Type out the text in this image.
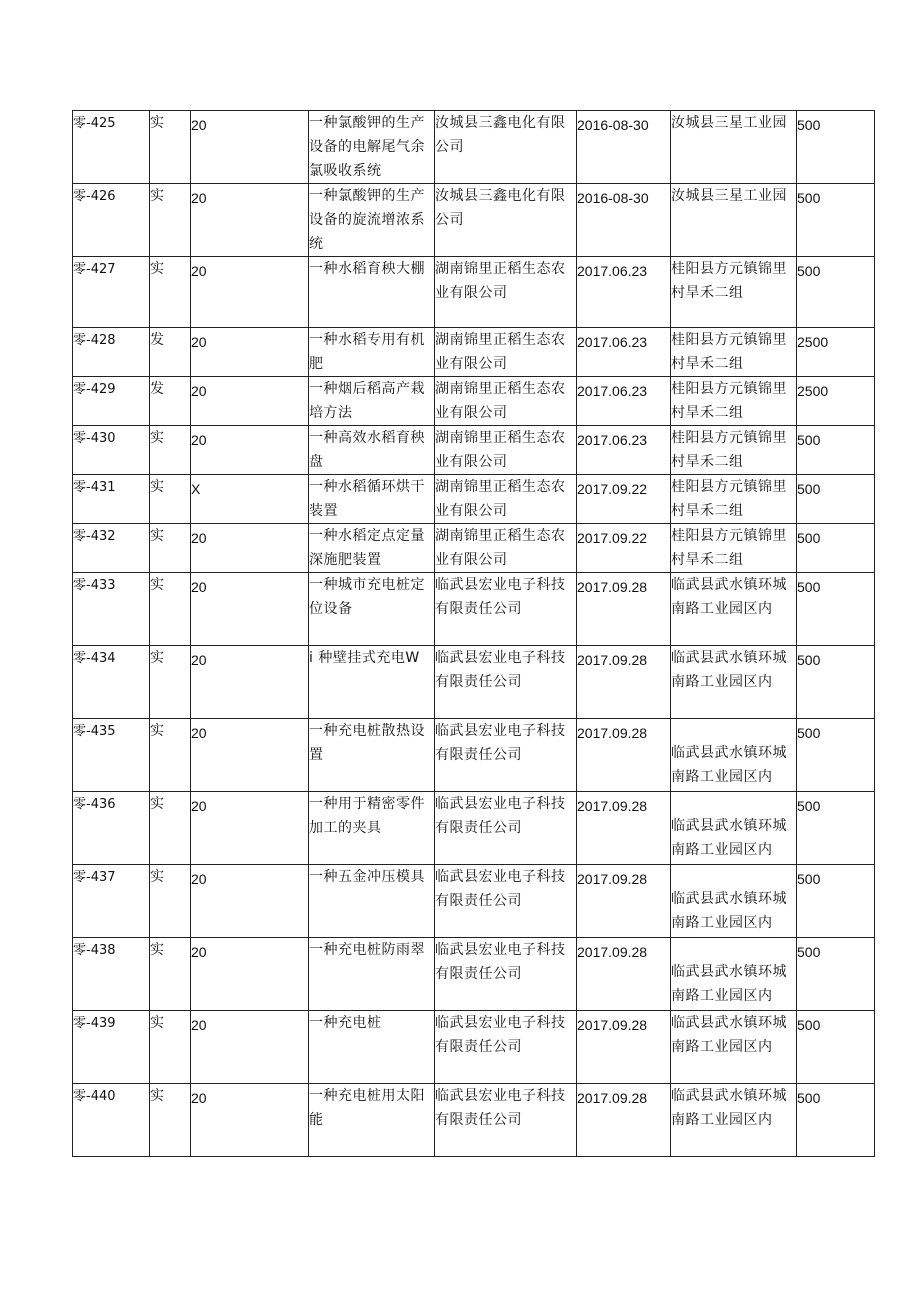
零-425	实	20	一种氯酸钾的生产设备的电解尾气余氯吸收系统	汝城县三鑫电化有限公司	2016-08-30	汝城县三星工业园	500

零-426	实	20	一种氯酸钾的生产设备的旋流增浓系统	汝城县三鑫电化有限公司	2016-08-30	汝城县三星工业园	500

零-427	实	20	一种水稻育秧大棚	湖南锦里正稻生态农业有限公司	2017.06.23	桂阳县方元镇锦里村旱禾二组	500

零-428	发	20	一种水稻专用有机肥	湖南锦里正稻生态农业有限公司	2017.06.23	桂阳县方元镇锦里村旱禾二组	2500

零-429	发	20	一种烟后稻高产栽培方法	湖南锦里正稻生态农业有限公司	2017.06.23	桂阳县方元镇锦里村旱禾二组	2500

零-430	实	20	一种高效水稻育秧盘	湖南锦里正稻生态农业有限公司	2017.06.23	桂阳县方元镇锦里村旱禾二组	500

零-431	实	X	一种水稻循环烘干装置	湖南锦里正稻生态农业有限公司	2017.09.22	桂阳县方元镇锦里村旱禾二组	500

零-432	实	20	一种水稻定点定量深施肥装置	湖南锦里正稻生态农业有限公司	2017.09.22	桂阳县方元镇锦里村旱禾二组	500

零-433	实	20	一种城市充电桩定位设备	临武县宏业电子科技有限责任公司	2017.09.28	临武县武水镇环城南路工业园区内	500

零-434	实	20	i 种壁挂式充电W	临武县宏业电子科技有限责任公司	2017.09.28	临武县武水镇环城南路工业园区内	500

零-435	实	20	一种充电桩散热设置	临武县宏业电子科技有限责任公司	2017.09.28	临武县武水镇环城南路工业园区内	500

零-436	实	20	一种用于精密零件加工的夹具	临武县宏业电子科技有限责任公司	2017.09.28	临武县武水镇环城南路工业园区内	500

零-437	实	20	一种五金冲压模具	临武县宏业电子科技有限责任公司	2017.09.28	临武县武水镇环城南路工业园区内	500

零-438	实	20	一种充电桩防雨翠	临武县宏业电子科技有限责任公司	2017.09.28	临武县武水镇环城南路工业园区内	500

零-439	实	20	一种充电桩	临武县宏业电子科技有限责任公司	2017.09.28	临武县武水镇环城南路工业园区内	500

零-440	实	20	一种充电桩用太阳能	临武县宏业电子科技有限责任公司	2017.09.28	临武县武水镇环城南路工业园区内	500
